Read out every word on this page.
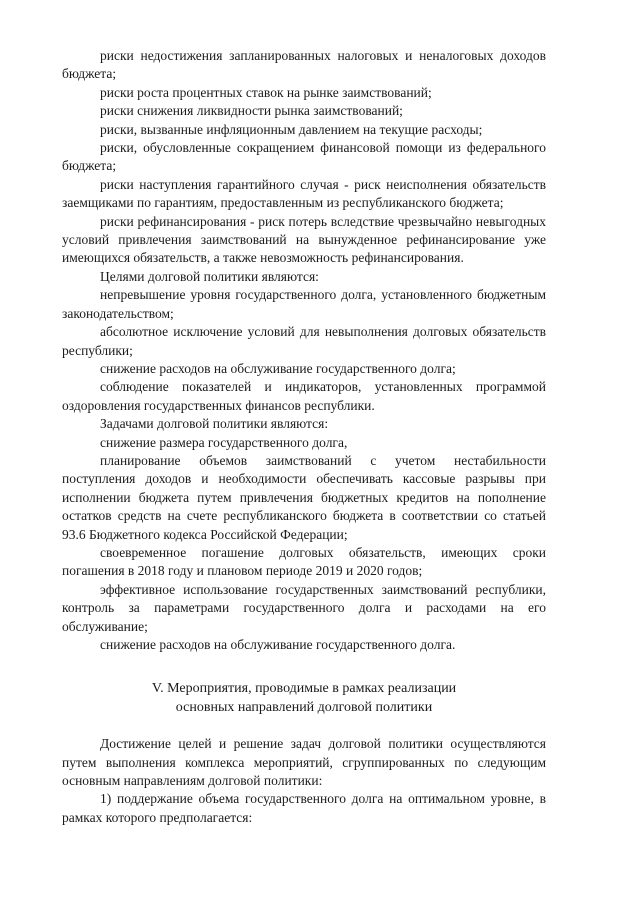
риски недостижения запланированных налоговых и неналоговых доходов бюджета;

риски роста процентных ставок на рынке заимствований;

риски снижения ликвидности рынка заимствований;

риски, вызванные инфляционным давлением на текущие расходы;

риски, обусловленные сокращением финансовой помощи из федерального бюджета;

риски наступления гарантийного случая - риск неисполнения обязательств заемщиками по гарантиям, предоставленным из республиканского бюджета;

риски рефинансирования - риск потерь вследствие чрезвычайно невыгодных условий привлечения заимствований на вынужденное рефинансирование уже имеющихся обязательств, а также невозможность рефинансирования.

Целями долговой политики являются:

непревышение уровня государственного долга, установленного бюджетным законодательством;

абсолютное исключение условий для невыполнения долговых обязательств республики;

снижение расходов на обслуживание государственного долга;

соблюдение показателей и индикаторов, установленных программой оздоровления государственных финансов республики.

Задачами долговой политики являются:

снижение размера государственного долга,

планирование объемов заимствований с учетом нестабильности поступления доходов и необходимости обеспечивать кассовые разрывы при исполнении бюджета путем привлечения бюджетных кредитов на пополнение остатков средств на счете республиканского бюджета в соответствии со статьей 93.6 Бюджетного кодекса Российской Федерации;

своевременное погашение долговых обязательств, имеющих сроки погашения в 2018 году и плановом периоде 2019 и 2020 годов;

эффективное использование государственных заимствований республики, контроль за параметрами государственного долга и расходами на его обслуживание;

снижение расходов на обслуживание государственного долга.

V. Мероприятия, проводимые в рамках реализации
основных направлений долговой политики

Достижение целей и решение задач долговой политики осуществляются путем выполнения комплекса мероприятий, сгруппированных по следующим основным направлениям долговой политики:

1) поддержание объема государственного долга на оптимальном уровне, в рамках которого предполагается:
